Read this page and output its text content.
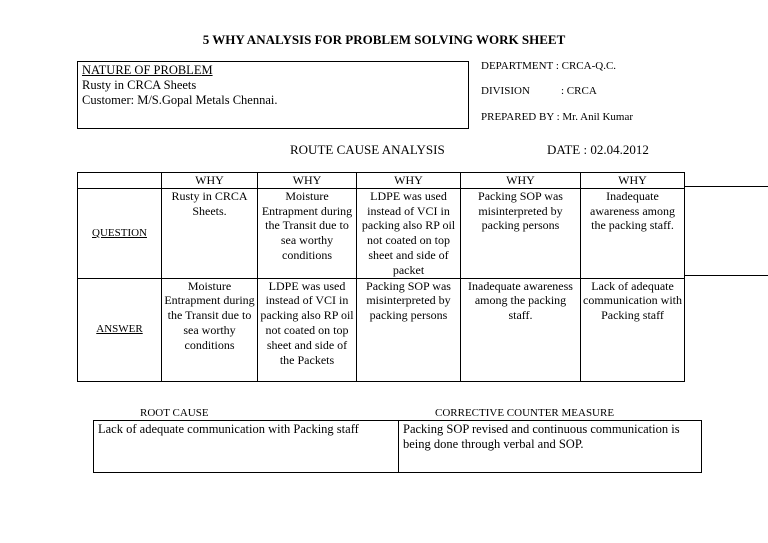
5 WHY ANALYSIS FOR PROBLEM SOLVING WORK SHEET
NATURE OF PROBLEM
Rusty in CRCA Sheets
Customer: M/S.Gopal Metals Chennai.
DEPARTMENT : CRCA-Q.C.
DIVISION	: CRCA
PREPARED BY : Mr. Anil Kumar
ROUTE CAUSE ANALYSIS	DATE : 02.04.2012
	WHY	WHY	WHY	WHY	WHY
QUESTION	Rusty in CRCA Sheets.	Moisture Entrapment during the Transit due to sea worthy conditions	LDPE was used instead of VCI in packing also RP oil not coated on top sheet and side of packet	Packing SOP was misinterpreted by packing persons	Inadequate awareness among the packing staff.
ANSWER	Moisture Entrapment during the Transit due to sea worthy conditions	LDPE was used instead of VCI in packing also RP oil not coated on top sheet and side of the Packets	Packing SOP was misinterpreted by packing persons	Inadequate awareness among the packing staff.	Lack of adequate communication with Packing staff
ROOT CAUSE	CORRECTIVE COUNTER MEASURE
Lack of adequate communication with Packing staff	Packing SOP revised and continuous communication is being done through verbal and SOP.
